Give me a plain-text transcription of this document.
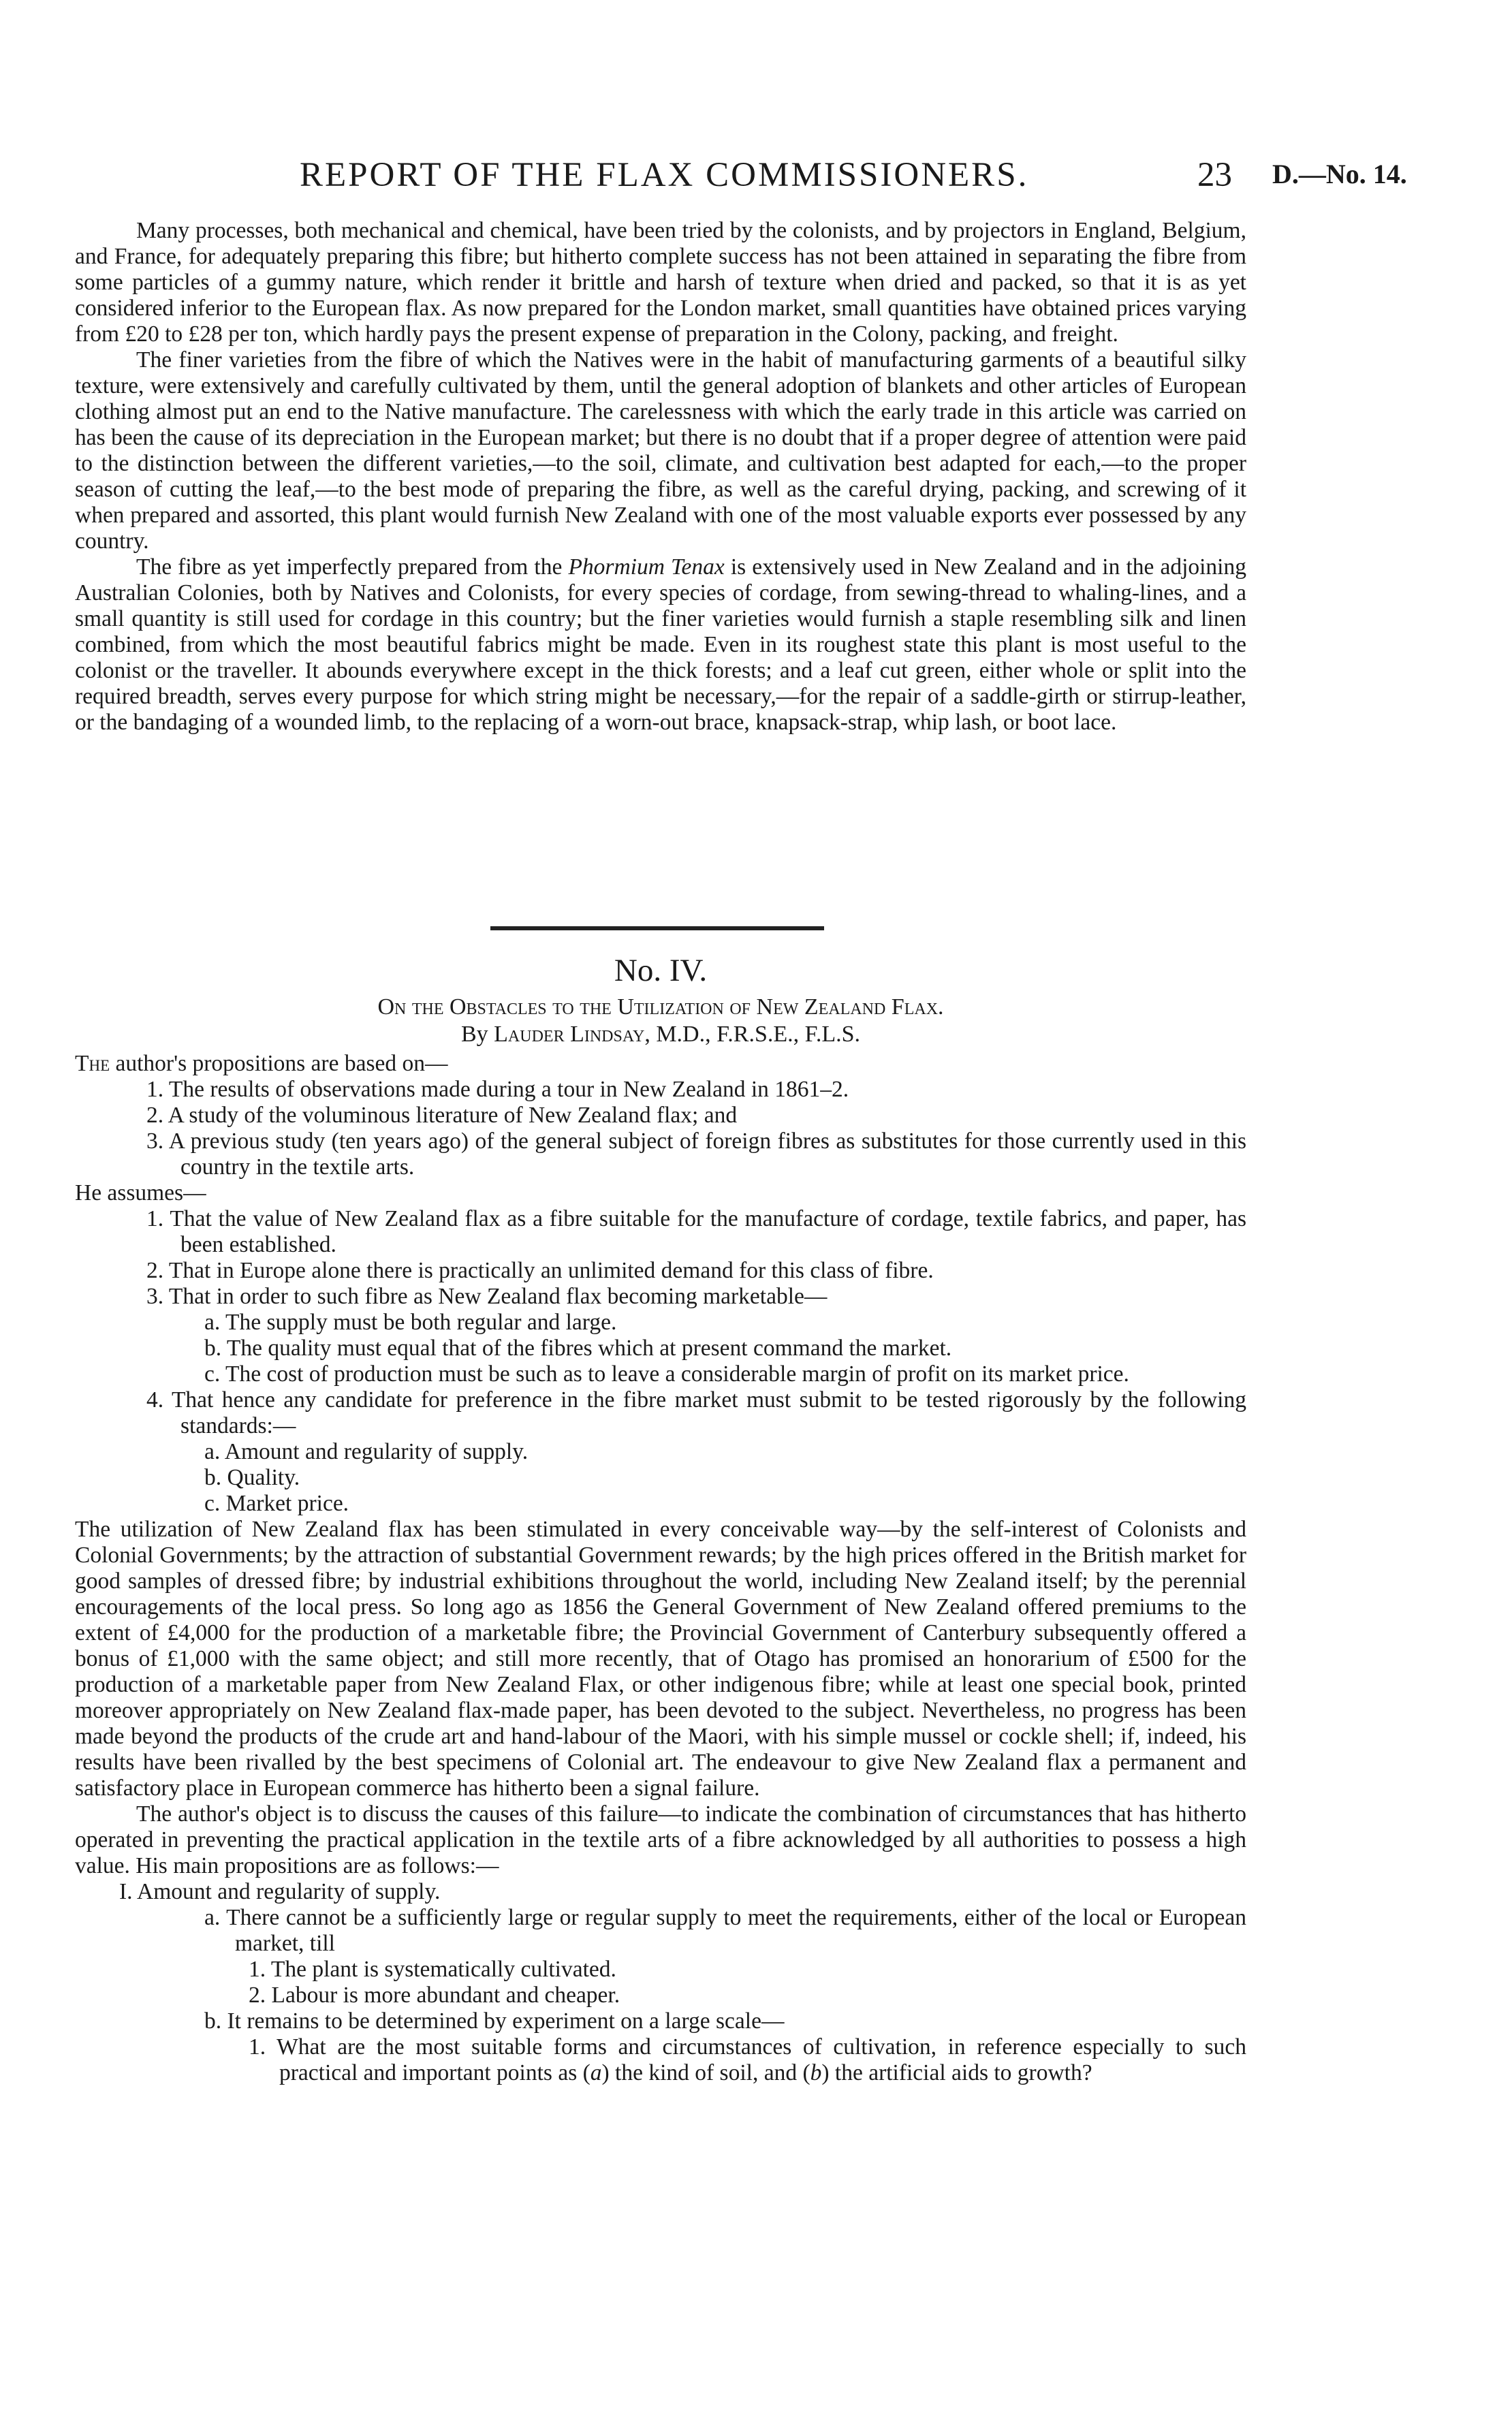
REPORT OF THE FLAX COMMISSIONERS.	23 D.—No. 14.

Many processes, both mechanical and chemical, have been tried by the colonists, and by projectors in England, Belgium, and France, for adequately preparing this fibre; but hitherto complete success has not been attained in separating the fibre from some particles of a gummy nature, which render it brittle and harsh of texture when dried and packed, so that it is as yet considered inferior to the European flax. As now prepared for the London market, small quantities have obtained prices varying from £20 to £28 per ton, which hardly pays the present expense of preparation in the Colony, packing, and freight.

The finer varieties from the fibre of which the Natives were in the habit of manufacturing garments of a beautiful silky texture, were extensively and carefully cultivated by them, until the general adoption of blankets and other articles of European clothing almost put an end to the Native manufacture. The carelessness with which the early trade in this article was carried on has been the cause of its depreciation in the European market; but there is no doubt that if a proper degree of attention were paid to the distinction between the different varieties,—to the soil, climate, and cultivation best adapted for each,—to the proper season of cutting the leaf,—to the best mode of preparing the fibre, as well as the careful drying, packing, and screwing of it when prepared and assorted, this plant would furnish New Zealand with one of the most valuable exports ever possessed by any country.

The fibre as yet imperfectly prepared from the Phormium Tenax is extensively used in New Zealand and in the adjoining Australian Colonies, both by Natives and Colonists, for every species of cordage, from sewing-thread to whaling-lines, and a small quantity is still used for cordage in this country; but the finer varieties would furnish a staple resembling silk and linen combined, from which the most beautiful fabrics might be made. Even in its roughest state this plant is most useful to the colonist or the traveller. It abounds everywhere except in the thick forests; and a leaf cut green, either whole or split into the required breadth, serves every purpose for which string might be necessary,—for the repair of a saddle-girth or stirrup-leather, or the bandaging of a wounded limb, to the replacing of a worn-out brace, knapsack-strap, whip lash, or boot lace.

No. IV.

On the Obstacles to the Utilization of New Zealand Flax.

By Lauder Lindsay, M.D., F.R.S.E., F.L.S.

The author's propositions are based on—

1. The results of observations made during a tour in New Zealand in 1861–2.

2. A study of the voluminous literature of New Zealand flax; and

3. A previous study (ten years ago) of the general subject of foreign fibres as substitutes for those currently used in this country in the textile arts.

He assumes—

1. That the value of New Zealand flax as a fibre suitable for the manufacture of cordage, textile fabrics, and paper, has been established.

2. That in Europe alone there is practically an unlimited demand for this class of fibre.

3. That in order to such fibre as New Zealand flax becoming marketable—

a. The supply must be both regular and large.

b. The quality must equal that of the fibres which at present command the market.

c. The cost of production must be such as to leave a considerable margin of profit on its market price.

4. That hence any candidate for preference in the fibre market must submit to be tested rigorously by the following standards:—

a. Amount and regularity of supply.

b. Quality.

c. Market price.

The utilization of New Zealand flax has been stimulated in every conceivable way—by the self-interest of Colonists and Colonial Governments; by the attraction of substantial Government rewards; by the high prices offered in the British market for good samples of dressed fibre; by industrial exhibitions throughout the world, including New Zealand itself; by the perennial encouragements of the local press. So long ago as 1856 the General Government of New Zealand offered premiums to the extent of £4,000 for the production of a marketable fibre; the Provincial Government of Canterbury subsequently offered a bonus of £1,000 with the same object; and still more recently, that of Otago has promised an honorarium of £500 for the production of a marketable paper from New Zealand Flax, or other indigenous fibre; while at least one special book, printed moreover appropriately on New Zealand flax-made paper, has been devoted to the subject. Nevertheless, no progress has been made beyond the products of the crude art and hand-labour of the Maori, with his simple mussel or cockle shell; if, indeed, his results have been rivalled by the best specimens of Colonial art. The endeavour to give New Zealand flax a permanent and satisfactory place in European commerce has hitherto been a signal failure.

The author's object is to discuss the causes of this failure—to indicate the combination of circumstances that has hitherto operated in preventing the practical application in the textile arts of a fibre acknowledged by all authorities to possess a high value. His main propositions are as follows:—

I. Amount and regularity of supply.

a. There cannot be a sufficiently large or regular supply to meet the requirements, either of the local or European market, till

1. The plant is systematically cultivated.

2. Labour is more abundant and cheaper.

b. It remains to be determined by experiment on a large scale—

1. What are the most suitable forms and circumstances of cultivation, in reference especially to such practical and important points as (a) the kind of soil, and (b) the artificial aids to growth?
